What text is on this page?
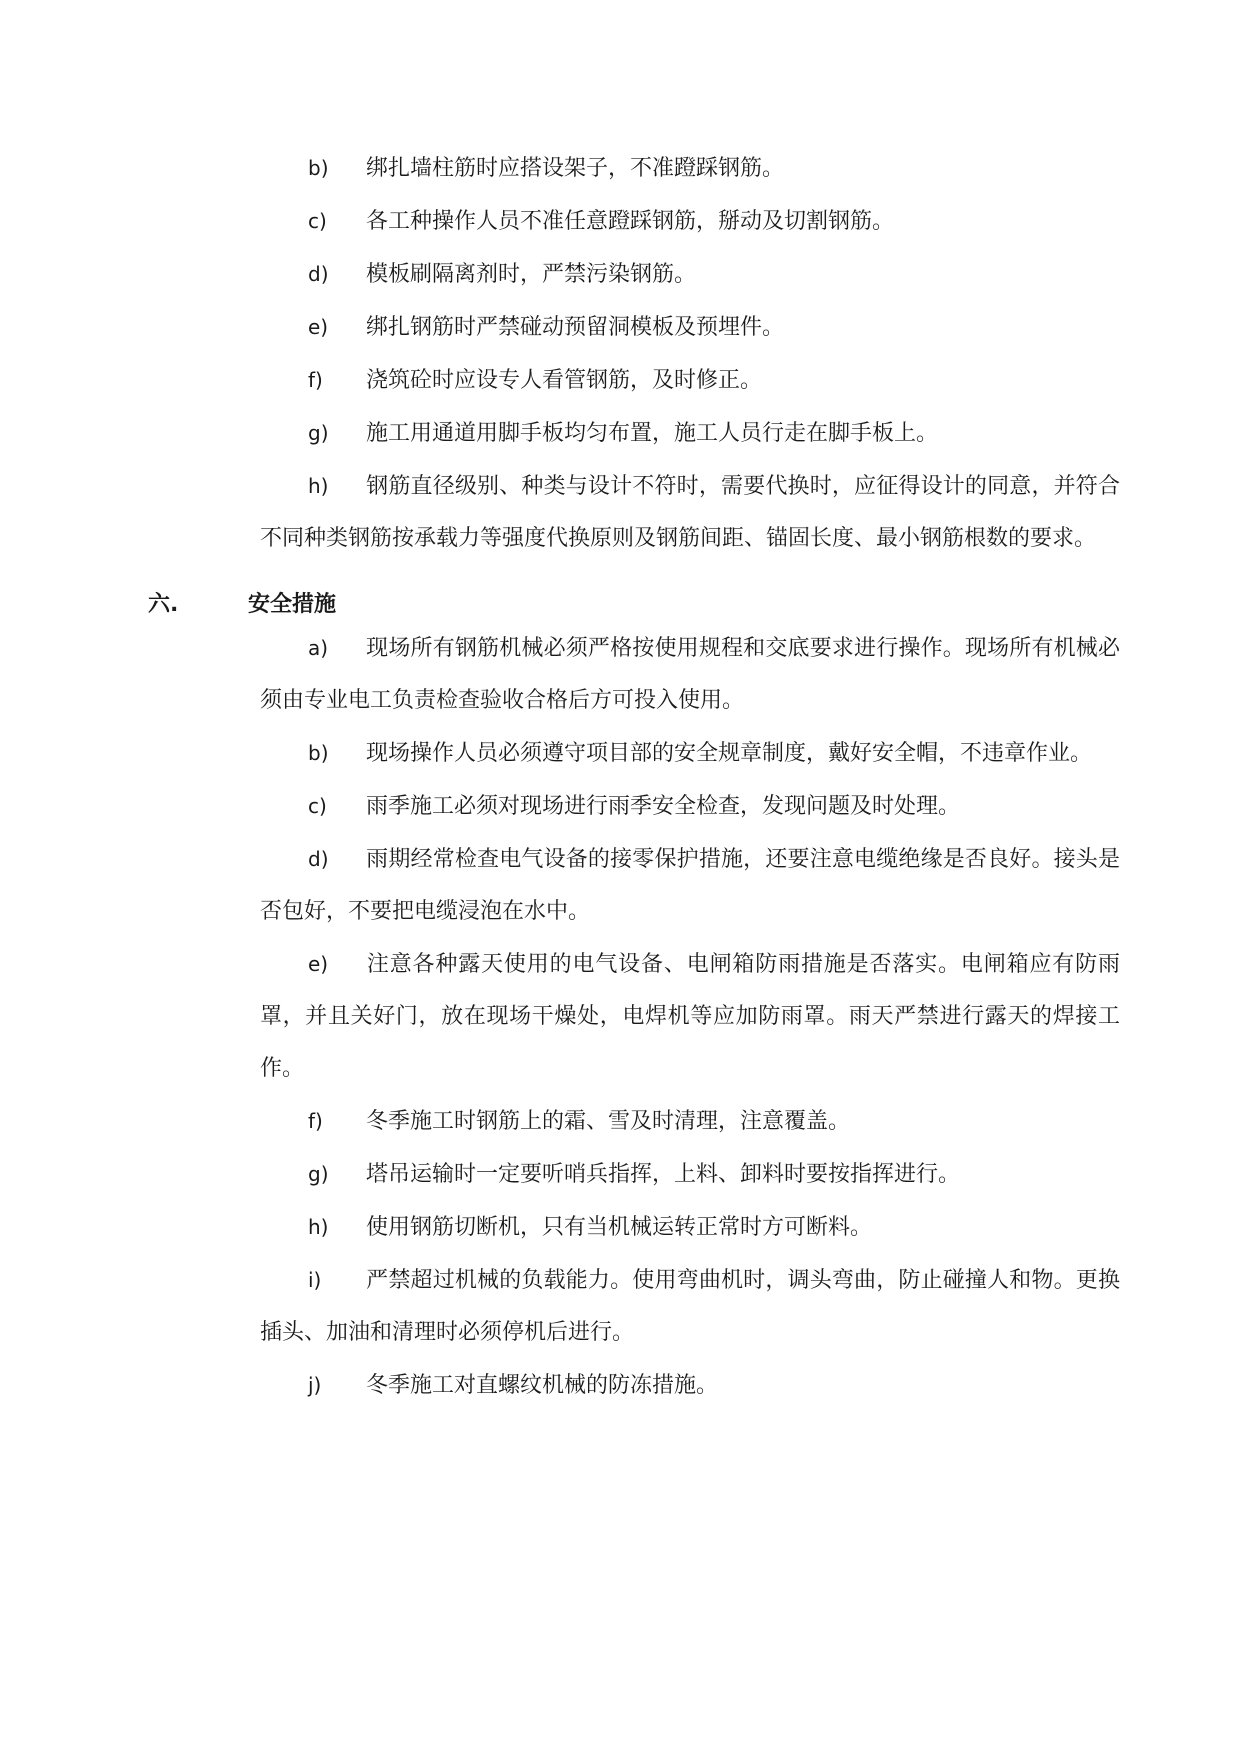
b) 绑扎墙柱筋时应搭设架子，不准蹬踩钢筋。

c) 各工种操作人员不准任意蹬踩钢筋，掰动及切割钢筋。

d) 模板刷隔离剂时，严禁污染钢筋。

e) 绑扎钢筋时严禁碰动预留洞模板及预埋件。

f) 浇筑砼时应设专人看管钢筋，及时修正。

g) 施工用通道用脚手板均匀布置，施工人员行走在脚手板上。

h) 钢筋直径级别、种类与设计不符时，需要代换时，应征得设计的同意，并符合不同种类钢筋按承载力等强度代换原则及钢筋间距、锚固长度、最小钢筋根数的要求。

六.	安全措施

a) 现场所有钢筋机械必须严格按使用规程和交底要求进行操作。现场所有机械必须由专业电工负责检查验收合格后方可投入使用。

b) 现场操作人员必须遵守项目部的安全规章制度，戴好安全帽，不违章作业。

c) 雨季施工必须对现场进行雨季安全检查，发现问题及时处理。

d) 雨期经常检查电气设备的接零保护措施，还要注意电缆绝缘是否良好。接头是否包好，不要把电缆浸泡在水中。

e) 注意各种露天使用的电气设备、电闸箱防雨措施是否落实。电闸箱应有防雨罩，并且关好门，放在现场干燥处，电焊机等应加防雨罩。雨天严禁进行露天的焊接工作。

f) 冬季施工时钢筋上的霜、雪及时清理，注意覆盖。

g) 塔吊运输时一定要听哨兵指挥，上料、卸料时要按指挥进行。

h) 使用钢筋切断机，只有当机械运转正常时方可断料。

i) 严禁超过机械的负载能力。使用弯曲机时，调头弯曲，防止碰撞人和物。更换插头、加油和清理时必须停机后进行。

j) 冬季施工对直螺纹机械的防冻措施。
